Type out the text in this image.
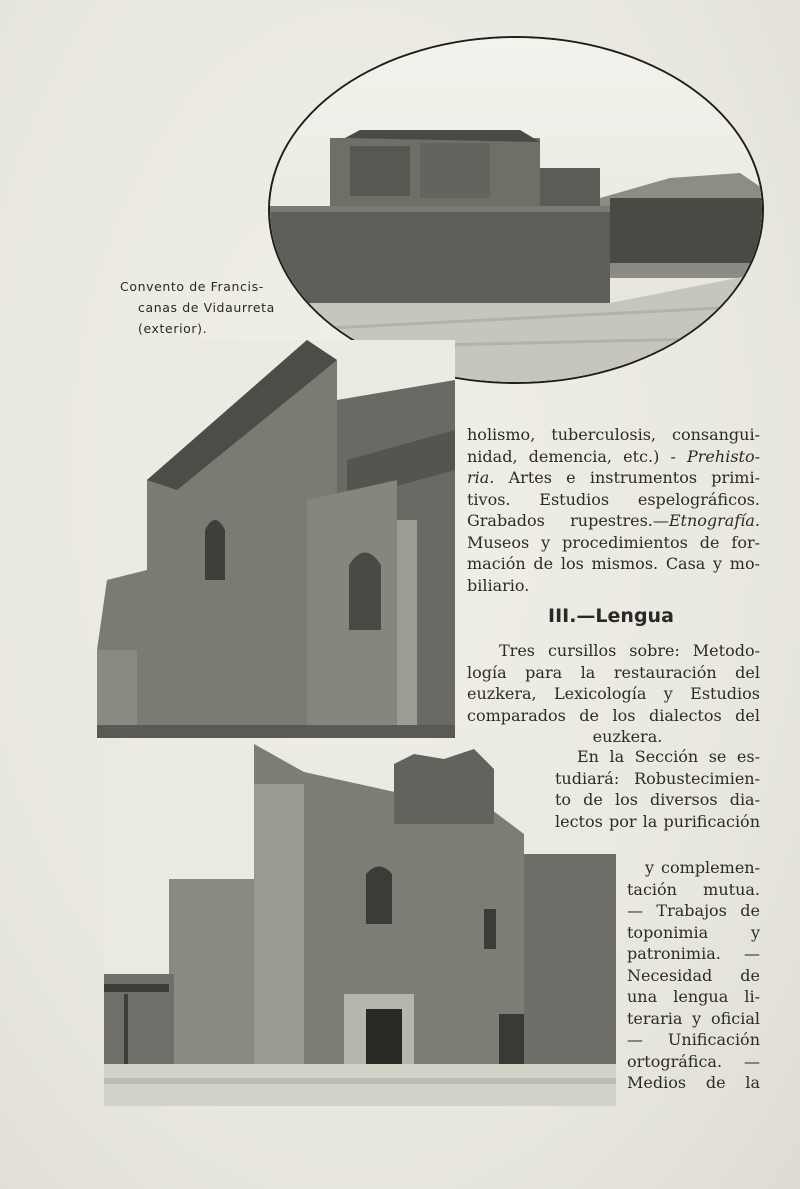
Convento de Francis-

canas de Vidaurreta
(exterior).

holismo, tuberculosis, consangui-
nidad, demencia, etc.) - Prehisto-
ria. Artes e instrumentos primi-
tivos. Estudios espelográficos.
Grabados rupestres.—Etnografía.
Museos y procedimientos de for-
mación de los mismos. Casa y mo-
biliario.
III.—Lengua
Tres cursillos sobre: Metodo-
logía para la restauración del
euzkera, Lexicología y Estudios
comparados de los dialectos del
euzkera.
En la Sección se es-
tudiará: Robustecimien-
to de los diversos dia-
lectos por la purificación
y complemen-
tación mutua.
— Trabajos de
toponimia y
patronimia. —
Necesidad de
una lengua li-
teraria y oficial
— Unificación
ortográfica. —
Medios de la
